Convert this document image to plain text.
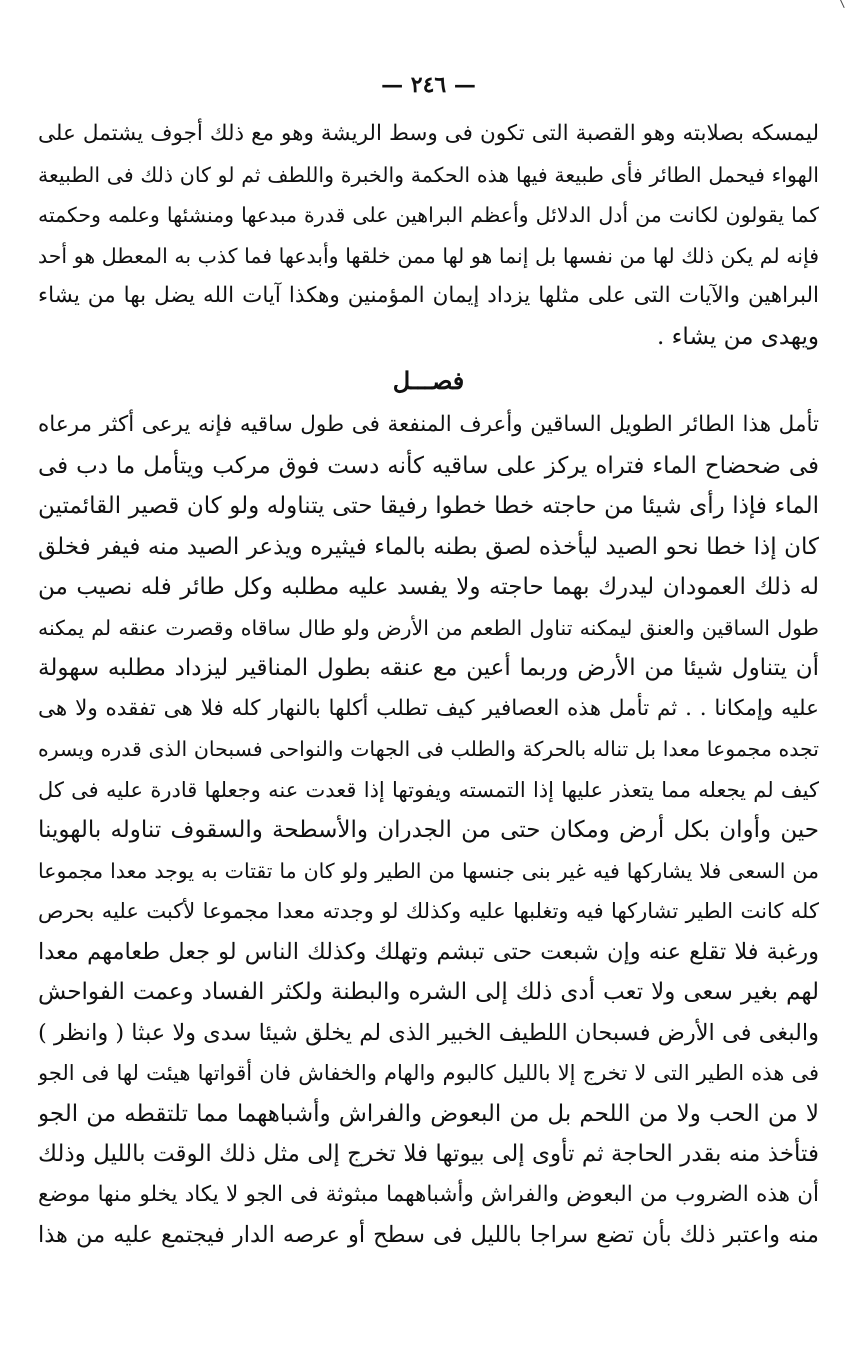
— ٢٤٦ —
ليمسكه بصلابته وهو القصبة التى تكون فى وسط الريشة وهو مع ذلك أجوف يشتمل على
الهواء فيحمل الطائر فأى طبيعة فيها هذه الحكمة والخبرة واللطف ثم لو كان ذلك فى الطبيعة
كما يقولون لكانت من أدل الدلائل وأعظم البراهين على قدرة مبدعها ومنشئها وعلمه وحكمته
فإنه لم يكن ذلك لها من نفسها بل إنما هو لها ممن خلقها وأبدعها فما كذب به المعطل هو أحد
البراهين والآيات التى على مثلها يزداد إيمان المؤمنين وهكذا آيات الله يضل بها من يشاء
ويهدى من يشاء .
فصـــل
تأمل هذا الطائر الطويل الساقين وأعرف المنفعة فى طول ساقيه فإنه يرعى أكثر مرعاه
فى ضحضاح الماء فتراه يركز على ساقيه كأنه دست فوق مركب ويتأمل ما دب فى
الماء فإذا رأى شيئا من حاجته خطا خطوا رفيقا حتى يتناوله ولو كان قصير القائمتين
كان إذا خطا نحو الصيد ليأخذه لصق بطنه بالماء فيثيره ويذعر الصيد منه فيفر فخلق
له ذلك العمودان ليدرك بهما حاجته ولا يفسد عليه مطلبه وكل طائر فله نصيب من
طول الساقين والعنق ليمكنه تناول الطعم من الأرض ولو طال ساقاه وقصرت عنقه لم يمكنه
أن يتناول شيئا من الأرض وربما أعين مع عنقه بطول المناقير ليزداد مطلبه سهولة
عليه وإمكانا . . ثم تأمل هذه العصافير كيف تطلب أكلها بالنهار كله فلا هى تفقده ولا هى
تجده مجموعا معدا بل تناله بالحركة والطلب فى الجهات والنواحى فسبحان الذى قدره ويسره
كيف لم يجعله مما يتعذر عليها إذا التمسته ويفوتها إذا قعدت عنه وجعلها قادرة عليه فى كل
حين وأوان بكل أرض ومكان حتى من الجدران والأسطحة والسقوف تناوله بالهوينا
من السعى فلا يشاركها فيه غير بنى جنسها من الطير ولو كان ما تقتات به يوجد معدا مجموعا
كله كانت الطير تشاركها فيه وتغلبها عليه وكذلك لو وجدته معدا مجموعا لأكبت عليه بحرص
ورغبة فلا تقلع عنه وإن شبعت حتى تبشم وتهلك وكذلك الناس لو جعل طعامهم معدا
لهم بغير سعى ولا تعب أدى ذلك إلى الشره والبطنة ولكثر الفساد وعمت الفواحش
والبغى فى الأرض فسبحان اللطيف الخبير الذى لم يخلق شيئا سدى ولا عبثا ( وانظر )
فى هذه الطير التى لا تخرج إلا بالليل كالبوم والهام والخفاش فان أقواتها هيئت لها فى الجو
لا من الحب ولا من اللحم بل من البعوض والفراش وأشباههما مما تلتقطه من الجو
فتأخذ منه بقدر الحاجة ثم تأوى إلى بيوتها فلا تخرج إلى مثل ذلك الوقت بالليل وذلك
أن هذه الضروب من البعوض والفراش وأشباههما مبثوثة فى الجو لا يكاد يخلو منها موضع
منه واعتبر ذلك بأن تضع سراجا بالليل فى سطح أو عرصه الدار فيجتمع عليه من هذا
